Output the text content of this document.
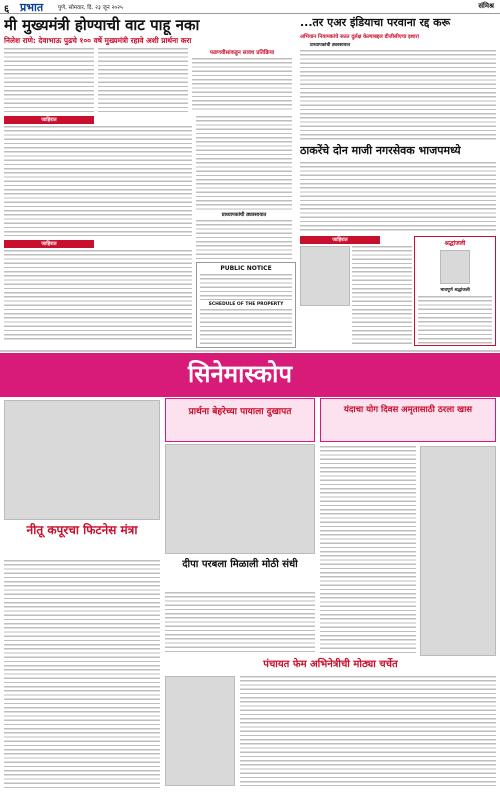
६ प्रभात	पुणे, सोमवार, दि. २३ जून २०२५	संमिश्र
मी मुख्यमंत्री होण्याची वाट पाहू नका
निलेश राणे: देवाभाऊ पुढचे १०० वर्षे मुख्यमंत्री रहावे अशी प्रार्थना करा
फडणवीसांकडून सावध प्रतिक्रिया
जाहिरात
प्राध्यापकांची ठ्यवसायात
जाहिरात
...तर एअर इंडियाचा परवाना रद्द करू
अभियान नियामकांचे सतत दुर्लक्ष केल्याबद्दल डीजीसीएचा इशारा
प्राध्यापकांची ठ्यवसायात
ठाकरेंचे दोन माजी नगरसेवक भाजपमध्ये
PUBLIC NOTICE
SCHEDULE OF THE PROPERTY
जाहिरात	श्रद्धांजली
भावपूर्ण श्रद्धांजली
सिनेमास्कोप
प्रार्थना बेहरेच्या पायाला दुखापत
नीतू कपूरचा फिटनेस मंत्रा
दीपा परबला मिळाली मोठी संधी
यंदाचा योग दिवस अमृतासाठी ठरला खास
पंचायत फेम अभिनेत्रीची मोठ्या चर्चेत
